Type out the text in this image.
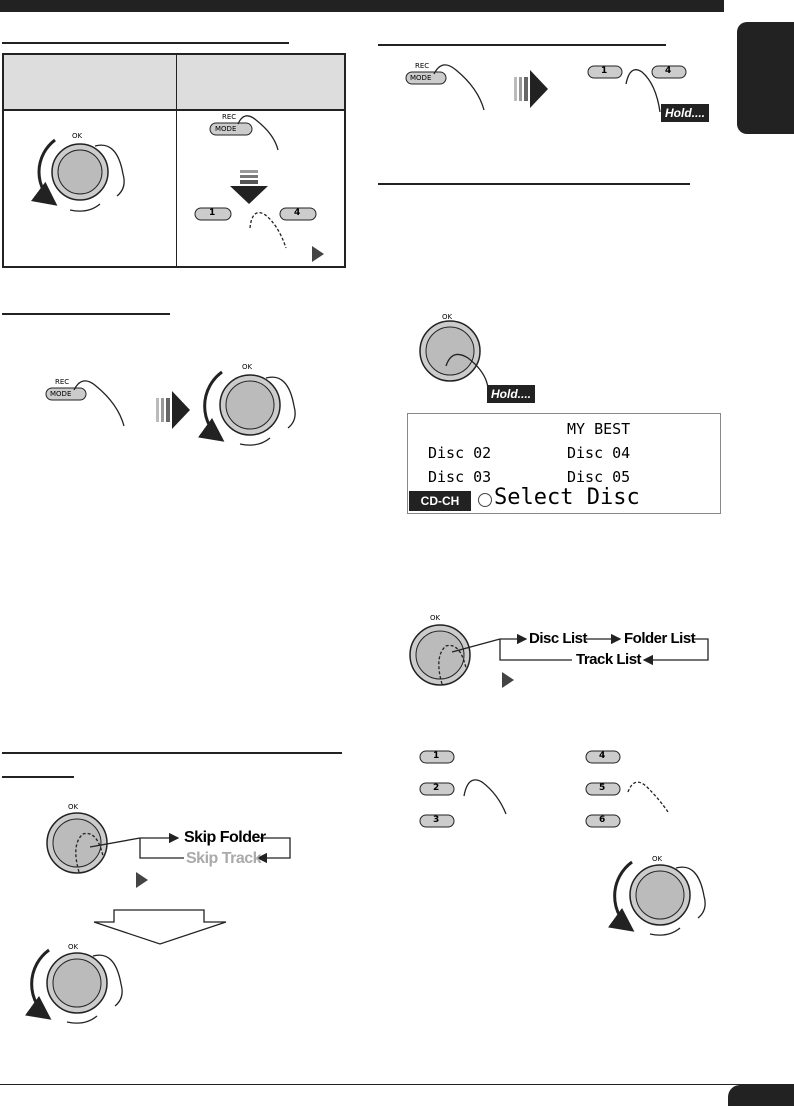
OK
OK
OK
OK
OK
OK
OK
REC
MODE
REC
MODE
REC
MODE
1	4
1	4
1
2
3
4
5
6
Hold....
Hold....
1
2
3
4
5
6
Disc 01
Disc 02
Disc 03
MY BEST
Disc 04
Disc 05
CD-CH	Select Disc
Disc List Folder List
Track List
Skip Folder
Skip Track
